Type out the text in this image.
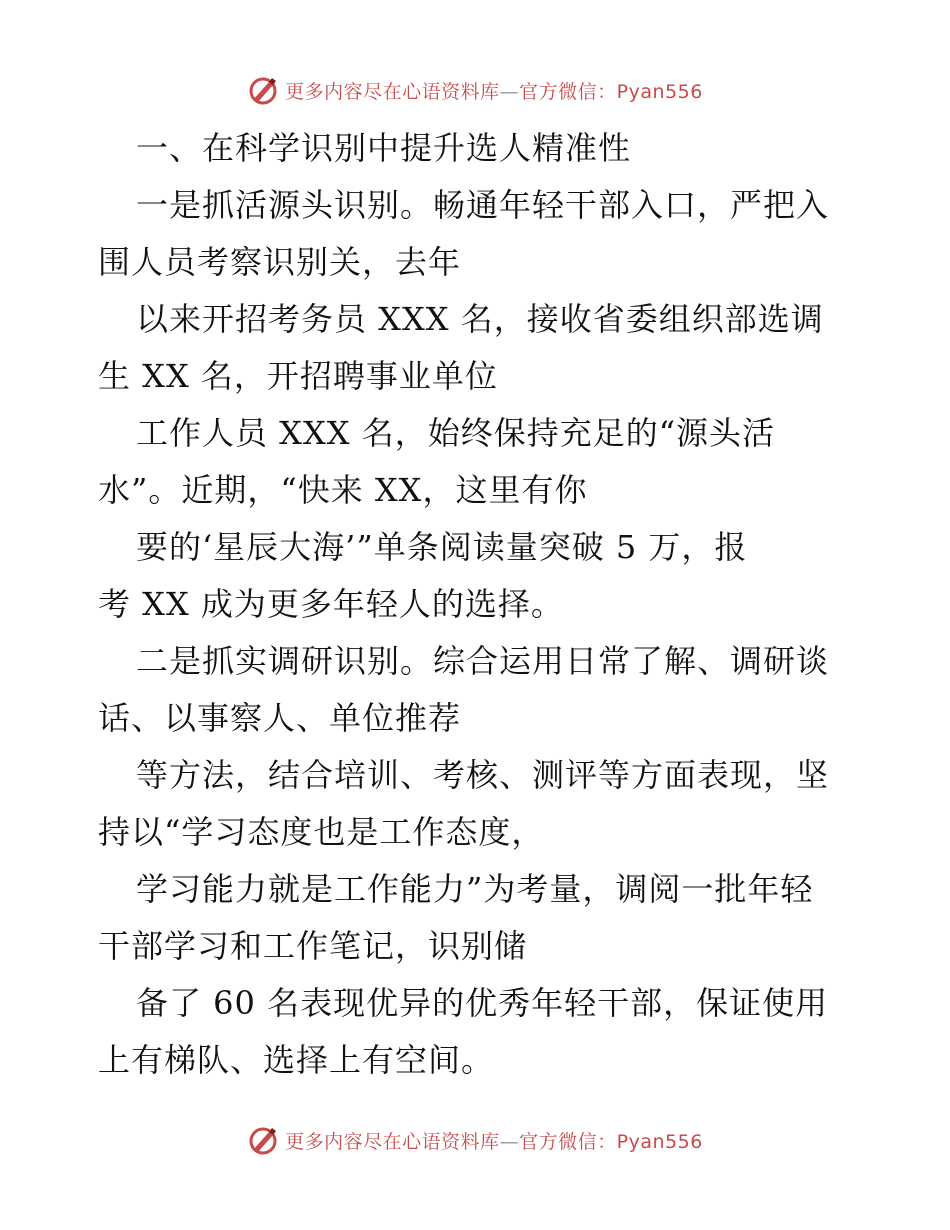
更多内容尽在心语资料库—官方微信：Pyan556
一、在科学识别中提升选人精准性
一是抓活源头识别。畅通年轻干部入口，严把入
围人员考察识别关，去年
以来开招考务员 XXX 名，接收省委组织部选调
生 XX 名，开招聘事业单位
工作人员 XXX 名，始终保持充足的“源头活
水”。近期，“快来 XX，这里有你
要的‘星辰大海’”单条阅读量突破 5 万，报
考 XX 成为更多年轻人的选择。
二是抓实调研识别。综合运用日常了解、调研谈
话、以事察人、单位推荐
等方法，结合培训、考核、测评等方面表现，坚
持以“学习态度也是工作态度，
学习能力就是工作能力”为考量，调阅一批年轻
干部学习和工作笔记，识别储
备了 60 名表现优异的优秀年轻干部，保证使用
上有梯队、选择上有空间。
更多内容尽在心语资料库—官方微信：Pyan556
